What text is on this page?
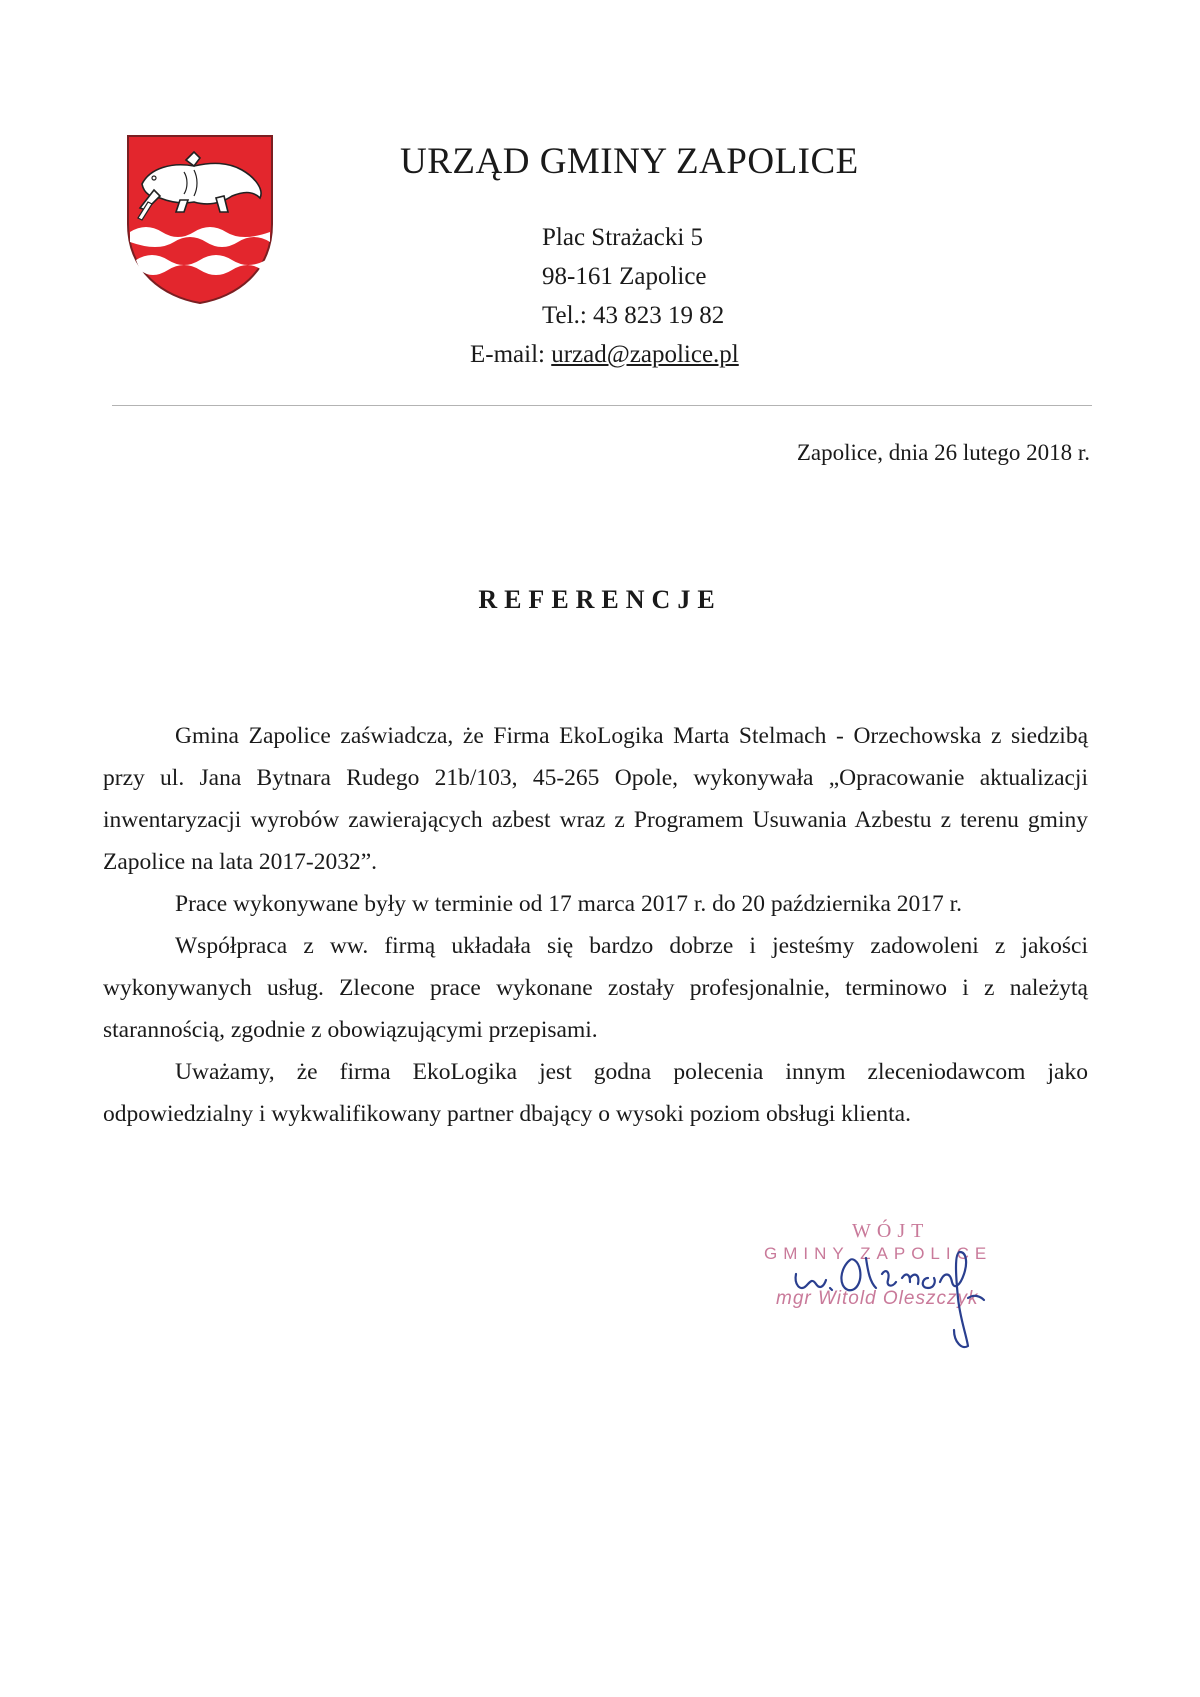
URZĄD GMINY ZAPOLICE
Plac Strażacki 5
98-161 Zapolice
Tel.: 43 823 19 82
E-mail: urzad@zapolice.pl
Zapolice, dnia 26 lutego 2018 r.
REFERENCJE

Gmina Zapolice zaświadcza, że Firma EkoLogika Marta Stelmach - Orzechowska z siedzibą przy ul. Jana Bytnara Rudego 21b/103, 45-265 Opole, wykonywała „Opracowanie aktualizacji inwentaryzacji wyrobów zawierających azbest wraz z Programem Usuwania Azbestu z terenu gminy Zapolice na lata 2017-2032”.

Prace wykonywane były w terminie od 17 marca 2017 r. do 20 października 2017 r.

Współpraca z ww. firmą układała się bardzo dobrze i jesteśmy zadowoleni z jakości wykonywanych usług. Zlecone prace wykonane zostały profesjonalnie, terminowo i z należytą starannością, zgodnie z obowiązującymi przepisami.

Uważamy, że firma EkoLogika jest godna polecenia innym zleceniodawcom jako odpowiedzialny i wykwalifikowany partner dbający o wysoki poziom obsługi klienta.

WÓJT
GMINY ZAPOLICE
mgr Witold Oleszczyk
